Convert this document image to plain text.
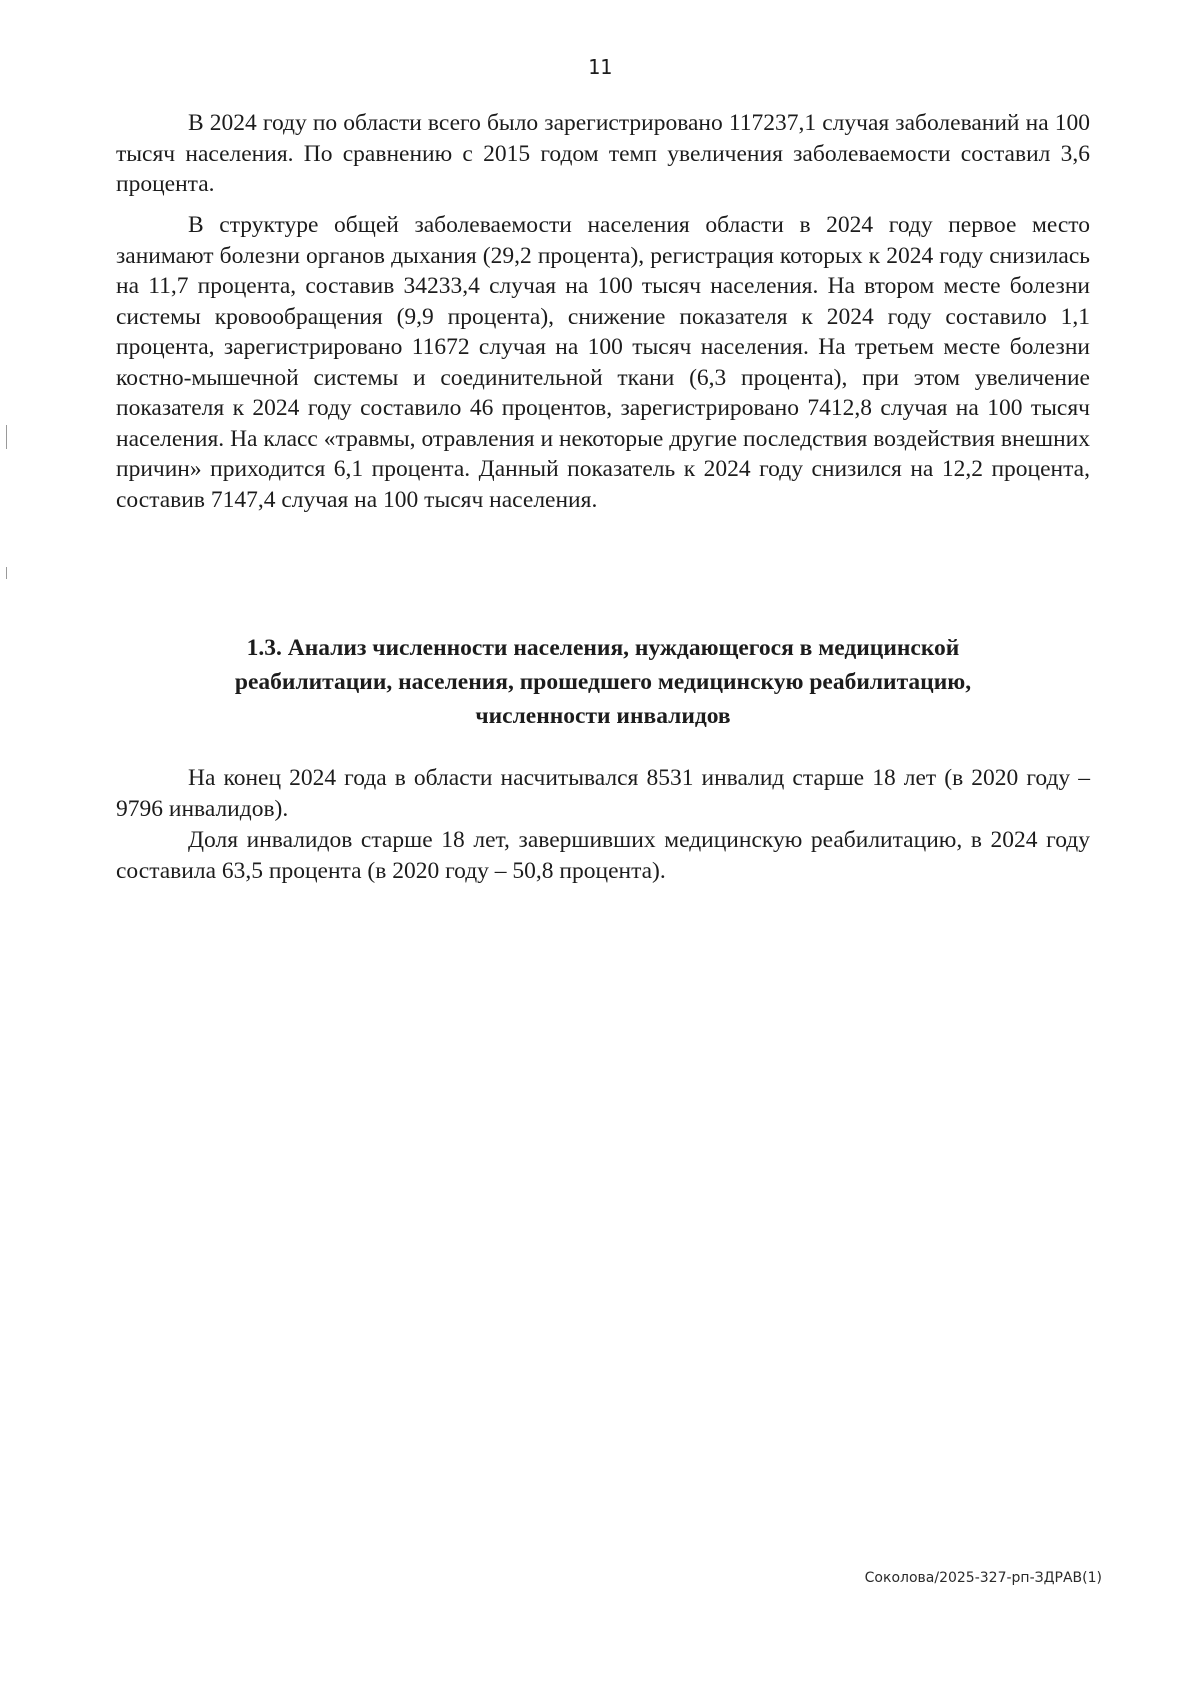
11

В 2024 году по области всего было зарегистрировано 117237,1 случая заболеваний на 100 тысяч населения. По сравнению с 2015 годом темп увеличения заболеваемости составил 3,6 процента.

В структуре общей заболеваемости населения области в 2024 году первое место занимают болезни органов дыхания (29,2 процента), регистрация которых к 2024 году снизилась на 11,7 процента, составив 34233,4 случая на 100 тысяч населения. На втором месте болезни системы кровообращения (9,9 процента), снижение показателя к 2024 году составило 1,1 процента, зарегистрировано 11672 случая на 100 тысяч населения. На третьем месте болезни костно-мышечной системы и соединительной ткани (6,3 процента), при этом увеличение показателя к 2024 году составило 46 процентов, зарегистрировано 7412,8 случая на 100 тысяч населения. На класс «травмы, отравления и некоторые другие последствия воздействия внешних причин» приходится 6,1 процента. Данный показатель к 2024 году снизился на 12,2 процента, составив 7147,4 случая на 100 тысяч населения.

1.3. Анализ численности населения, нуждающегося в медицинской
реабилитации, населения, прошедшего медицинскую реабилитацию,
численности инвалидов

На конец 2024 года в области насчитывался 8531 инвалид старше 18 лет (в 2020 году – 9796 инвалидов).

Доля инвалидов старше 18 лет, завершивших медицинскую реабилитацию, в 2024 году составила 63,5 процента (в 2020 году – 50,8 процента).

Соколова/2025-327-рп-ЗДРАВ(1)
